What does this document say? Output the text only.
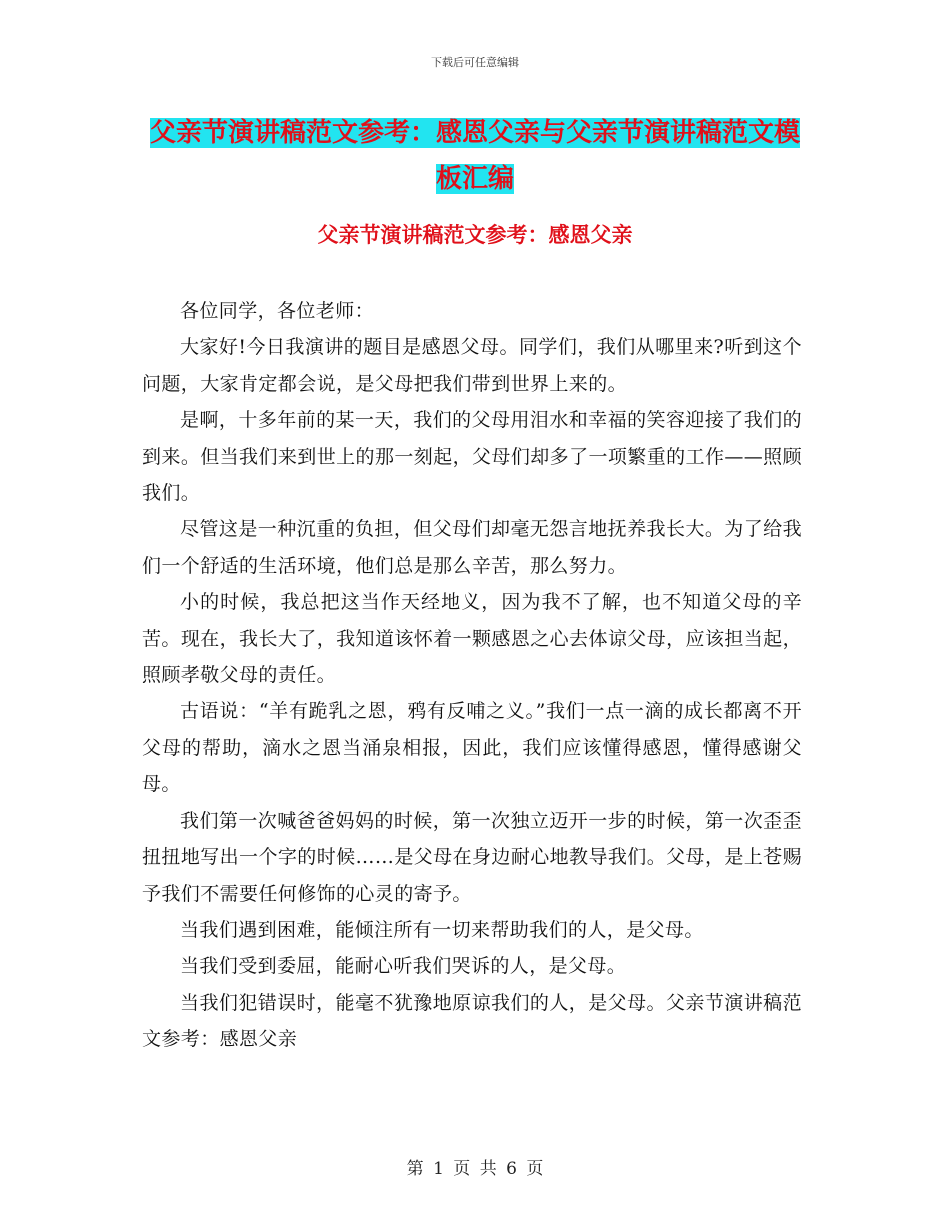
下载后可任意编辑
父亲节演讲稿范文参考：感恩父亲与父亲节演讲稿范文模板汇编
父亲节演讲稿范文参考：感恩父亲

各位同学，各位老师：

大家好!今日我演讲的题目是感恩父母。同学们，我们从哪里来?听到这个问题，大家肯定都会说，是父母把我们带到世界上来的。

是啊，十多年前的某一天，我们的父母用泪水和幸福的笑容迎接了我们的到来。但当我们来到世上的那一刻起，父母们却多了一项繁重的工作——照顾我们。

尽管这是一种沉重的负担，但父母们却毫无怨言地抚养我长大。为了给我们一个舒适的生活环境，他们总是那么辛苦，那么努力。

小的时候，我总把这当作天经地义，因为我不了解，也不知道父母的辛苦。现在，我长大了，我知道该怀着一颗感恩之心去体谅父母，应该担当起，照顾孝敬父母的责任。

古语说：“羊有跪乳之恩，鸦有反哺之义。”我们一点一滴的成长都离不开父母的帮助，滴水之恩当涌泉相报，因此，我们应该懂得感恩，懂得感谢父母。

我们第一次喊爸爸妈妈的时候，第一次独立迈开一步的时候，第一次歪歪扭扭地写出一个字的时候……是父母在身边耐心地教导我们。父母，是上苍赐予我们不需要任何修饰的心灵的寄予。

当我们遇到困难，能倾注所有一切来帮助我们的人，是父母。

当我们受到委屈，能耐心听我们哭诉的人，是父母。

当我们犯错误时，能毫不犹豫地原谅我们的人，是父母。父亲节演讲稿范文参考：感恩父亲

第 1 页 共 6 页
